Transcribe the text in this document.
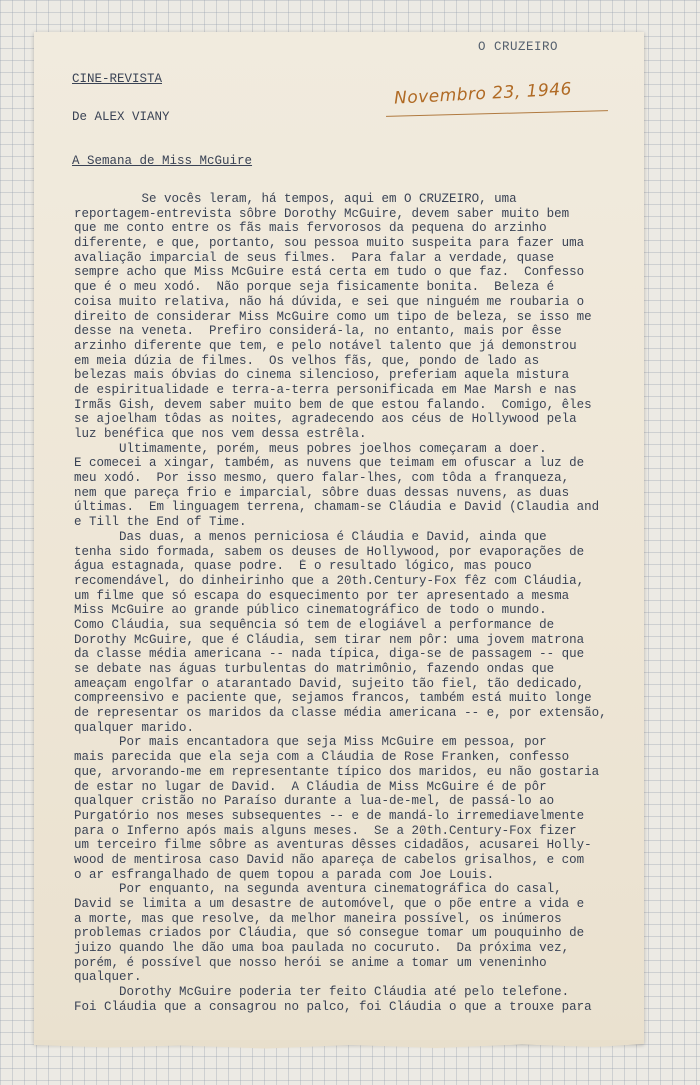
O CRUZEIRO
CINE-REVISTA
De ALEX VIANY
Novembro 23, 1946
A Semana de Miss McGuire
Se vocês leram, há tempos, aqui em O CRUZEIRO, uma
reportagem-entrevista sôbre Dorothy McGuire, devem saber muito bem
que me conto entre os fãs mais fervorosos da pequena do arzinho
diferente, e que, portanto, sou pessoa muito suspeita para fazer uma
avaliação imparcial de seus filmes.  Para falar a verdade, quase
sempre acho que Miss McGuire está certa em tudo o que faz.  Confesso
que é o meu xodó.  Não porque seja fisicamente bonita.  Beleza é
coisa muito relativa, não há dúvida, e sei que ninguém me roubaria o
direito de considerar Miss McGuire como um tipo de beleza, se isso me
desse na veneta.  Prefiro considerá-la, no entanto, mais por êsse
arzinho diferente que tem, e pelo notável talento que já demonstrou
em meia dúzia de filmes.  Os velhos fãs, que, pondo de lado as
belezas mais óbvias do cinema silencioso, preferiam aquela mistura
de espiritualidade e terra-a-terra personificada em Mae Marsh e nas
Irmãs Gish, devem saber muito bem de que estou falando.  Comigo, êles
se ajoelham tôdas as noites, agradecendo aos céus de Hollywood pela
luz benéfica que nos vem dessa estrêla.
Ultimamente, porém, meus pobres joelhos começaram a doer.
E comecei a xingar, também, as nuvens que teimam em ofuscar a luz de
meu xodó.  Por isso mesmo, quero falar-lhes, com tôda a franqueza,
nem que pareça frio e imparcial, sôbre duas dessas nuvens, as duas
últimas.  Em linguagem terrena, chamam-se Cláudia e David (Claudia and
e Till the End of Time.
Das duas, a menos perniciosa é Cláudia e David, ainda que
tenha sido formada, sabem os deuses de Hollywood, por evaporações de
água estagnada, quase podre.  É o resultado lógico, mas pouco
recomendável, do dinheirinho que a 20th.Century-Fox fêz com Cláudia,
um filme que só escapa do esquecimento por ter apresentado a mesma
Miss McGuire ao grande público cinematográfico de todo o mundo.
Como Cláudia, sua sequência só tem de elogiável a performance de
Dorothy McGuire, que é Cláudia, sem tirar nem pôr: uma jovem matrona
da classe média americana -- nada típica, diga-se de passagem -- que
se debate nas águas turbulentas do matrimônio, fazendo ondas que
ameaçam engolfar o atarantado David, sujeito tão fiel, tão dedicado,
compreensivo e paciente que, sejamos francos, também está muito longe
de representar os maridos da classe média americana -- e, por extensão,
qualquer marido.
Por mais encantadora que seja Miss McGuire em pessoa, por
mais parecida que ela seja com a Cláudia de Rose Franken, confesso
que, arvorando-me em representante típico dos maridos, eu não gostaria
de estar no lugar de David.  A Cláudia de Miss McGuire é de pôr
qualquer cristão no Paraíso durante a lua-de-mel, de passá-lo ao
Purgatório nos meses subsequentes -- e de mandá-lo irremediavelmente
para o Inferno após mais alguns meses.  Se a 20th.Century-Fox fizer
um terceiro filme sôbre as aventuras dêsses cidadãos, acusarei Holly-
wood de mentirosa caso David não apareça de cabelos grisalhos, e com
o ar esfrangalhado de quem topou a parada com Joe Louis.
Por enquanto, na segunda aventura cinematográfica do casal,
David se limita a um desastre de automóvel, que o põe entre a vida e
a morte, mas que resolve, da melhor maneira possível, os inúmeros
problemas criados por Cláudia, que só consegue tomar um pouquinho de
juizo quando lhe dão uma boa paulada no cocuruto.  Da próxima vez,
porém, é possível que nosso herói se anime a tomar um veneninho
qualquer.
Dorothy McGuire poderia ter feito Cláudia até pelo telefone.
Foi Cláudia que a consagrou no palco, foi Cláudia o que a trouxe para
